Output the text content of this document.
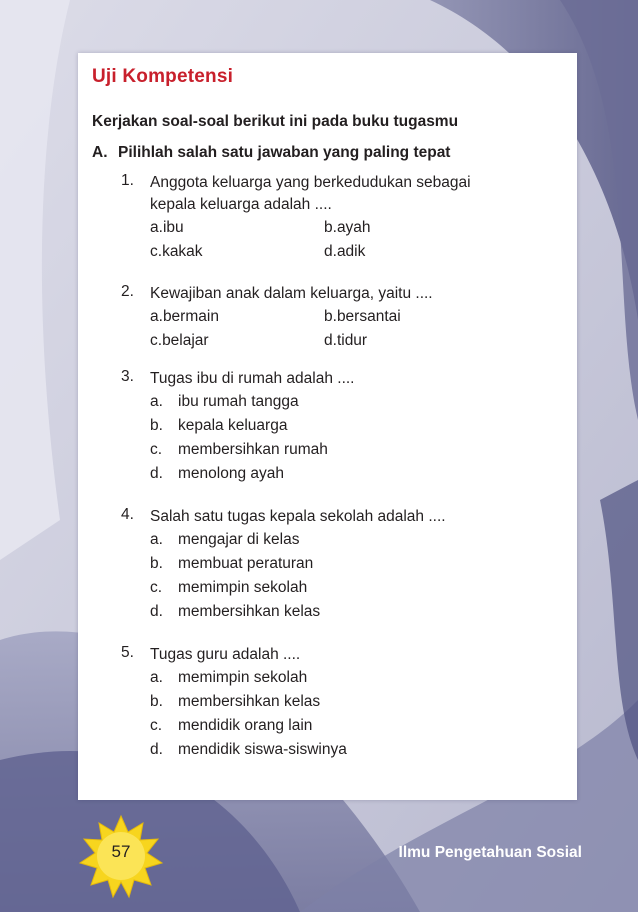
Uji Kompetensi
Kerjakan soal-soal berikut ini pada buku tugasmu
A. Pilihlah salah satu jawaban yang paling tepat
1. Anggota keluarga yang berkedudukan sebagai
kepala keluarga adalah ....
a.ibu	b.ayah
c.kakak	d.adik
2. Kewajiban anak dalam keluarga, yaitu ....
a.bermain	b.bersantai
c.belajar	d.tidur
3. Tugas ibu di rumah adalah ....
a. ibu rumah tangga
b. kepala keluarga
c. membersihkan rumah
d. menolong ayah
4. Salah satu tugas kepala sekolah adalah ....
a. mengajar di kelas
b. membuat peraturan
c. memimpin sekolah
d. membersihkan kelas
5. Tugas guru adalah ....
a. memimpin sekolah
b. membersihkan kelas
c. mendidik orang lain
d. mendidik siswa-siswinya
57	Ilmu Pengetahuan Sosial
